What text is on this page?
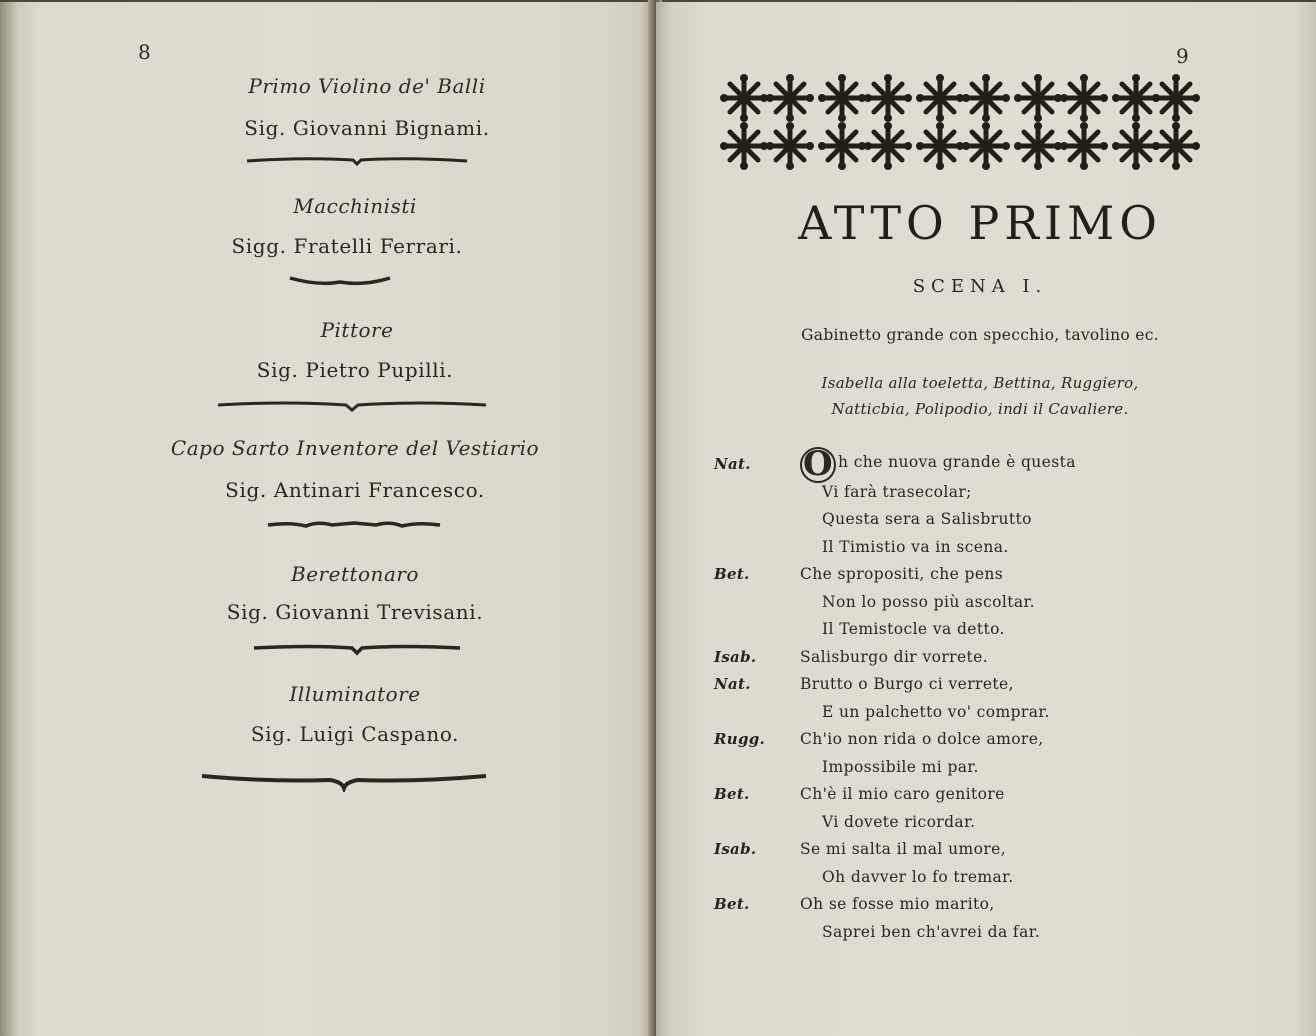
8
Primo Violino de' Balli
Sig. Giovanni Bignami.
Macchinisti
Sigg. Fratelli Ferrari.
Pittore
Sig. Pietro Pupilli.
Capo Sarto Inventore del Vestiario
Sig. Antinari Francesco.
Berettonaro
Sig. Giovanni Trevisani.
Illuminatore
Sig. Luigi Caspano.
9
ATTO PRIMO
SCENA I.
Gabinetto grande con specchio, tavolino ec.
Isabella alla toeletta, Bettina, Ruggiero,
Natticbia, Polipodio, indi il Cavaliere.
Nat. O h che nuova grande è questa
Vi farà trasecolar;
Questa sera a Salisbrutto
Il Timistio va in scena.
Bet.	Che spropositi, che pens
Non lo posso più ascoltar.
Il Temistocle va detto.
Isab.	Salisburgo dir vorrete.
Nat.	Brutto o Burgo ci verrete,
E un palchetto vo' comprar.
Rugg. Ch'io non rida o dolce amore,
Impossibile mi par.
Bet.	Ch'è il mio caro genitore
Vi dovete ricordar.
Isab.	Se mi salta il mal umore,
Oh davver lo fo tremar.
Bet.	Oh se fosse mio marito,
Saprei ben ch'avrei da far.
